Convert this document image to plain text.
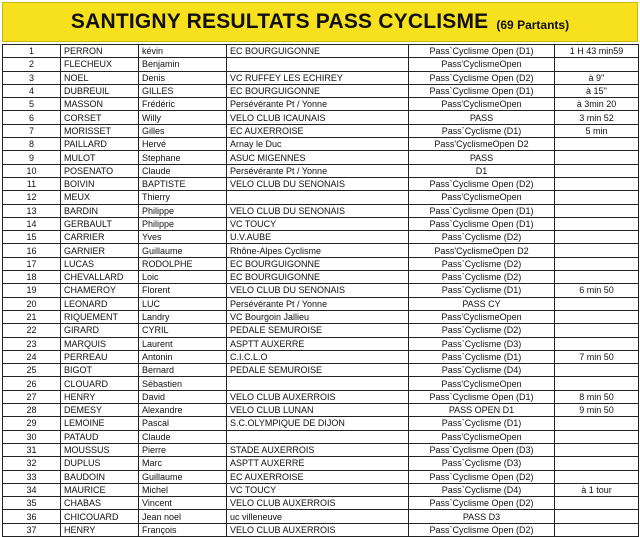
SANTIGNY RESULTATS PASS CYCLISME (69 Partants)
1	PERRON	kévin	EC BOURGUIGONNE	Pass`Cyclisme Open (D1)	1 H 43 min59
2	FLECHEUX	Benjamin		Pass'CyclismeOpen	
3	NOEL	Denis	VC RUFFEY LES ECHIREY	Pass`Cyclisme Open (D2)	à 9''
4	DUBREUIL	GILLES	EC BOURGUIGONNE	Pass`Cyclisme Open (D1)	à 15''
5	MASSON	Frédéric	Persévérante Pt / Yonne	Pass'CyclismeOpen	à 3min 20
6	CORSET	Willy	VELO CLUB ICAUNAIS	PASS	3 min 52
7	MORISSET	Gilles	EC AUXERROISE	Pass`Cyclisme (D1)	5 min
8	PAILLARD	Hervé	Arnay le Duc	Pass'CyclismeOpen D2	
9	MULOT	Stephane	ASUC MIGENNES	PASS	
10	POSENATO	Claude	Persévérante Pt / Yonne	D1	
11	BOIVIN	BAPTISTE	VELO CLUB DU SENONAIS	Pass`Cyclisme Open (D2)	
12	MEUX	Thierry		Pass'CyclismeOpen	
13	BARDIN	Philippe	VELO CLUB DU SENONAIS	Pass`Cyclisme Open (D1)	
14	GERBAULT	Philippe	VC TOUCY	Pass`Cyclisme Open (D1)	
15	CARRIER	Yves	U.V.AUBE	Pass`Cyclisme (D2)	
16	GARNIER	Guillaume	Rhône-Alpes Cyclisme	Pass'CyclismeOpen D2	
17	LUCAS	RODOLPHE	EC BOURGUIGONNE	Pass`Cyclisme (D2)	
18	CHEVALLARD	Loic	EC BOURGUIGONNE	Pass`Cyclisme (D2)	
19	CHAMEROY	Florent	VELO CLUB DU SENONAIS	Pass`Cyclisme (D1)	6 min 50
20	LEONARD	LUC	Persévérante Pt / Yonne	PASS CY	
21	RIQUEMENT	Landry	VC Bourgoin Jallieu	Pass'CyclismeOpen	
22	GIRARD	CYRIL	PEDALE SEMUROISE	Pass`Cyclisme (D2)	
23	MARQUIS	Laurent	ASPTT AUXERRE	Pass`Cyclisme (D3)	
24	PERREAU	Antonin	C.I.C.L.O	Pass`Cyclisme (D1)	7 min 50
25	BIGOT	Bernard	PEDALE SEMUROISE	Pass`Cyclisme (D4)	
26	CLOUARD	Sébastien		Pass'CyclismeOpen	
27	HENRY	David	VELO CLUB AUXERROIS	Pass`Cyclisme Open (D1)	8 min 50
28	DEMESY	Alexandre	VELO CLUB LUNAN	PASS OPEN D1	9 min 50
29	LEMOINE	Pascal	S.C.OLYMPIQUE DE DIJON	Pass`Cyclisme (D1)	
30	PATAUD	Claude		Pass'CyclismeOpen	
31	MOUSSUS	Pierre	STADE AUXERROIS	Pass`Cyclisme Open (D3)	
32	DUPLUS	Marc	ASPTT AUXERRE	Pass`Cyclisme (D3)	
33	BAUDOIN	Guillaume	EC AUXERROISE	Pass`Cyclisme Open (D2)	
34	MAURICE	Michel	VC TOUCY	Pass`Cyclisme (D4)	à 1 tour
35	CHABAS	Vincent	VELO CLUB AUXERROIS	Pass`Cyclisme Open (D2)	
36	CHICOUARD	Jean noel	uc villeneuve	PASS D3	
37	HENRY	François	VELO CLUB AUXERROIS	Pass`Cyclisme Open (D2)	
